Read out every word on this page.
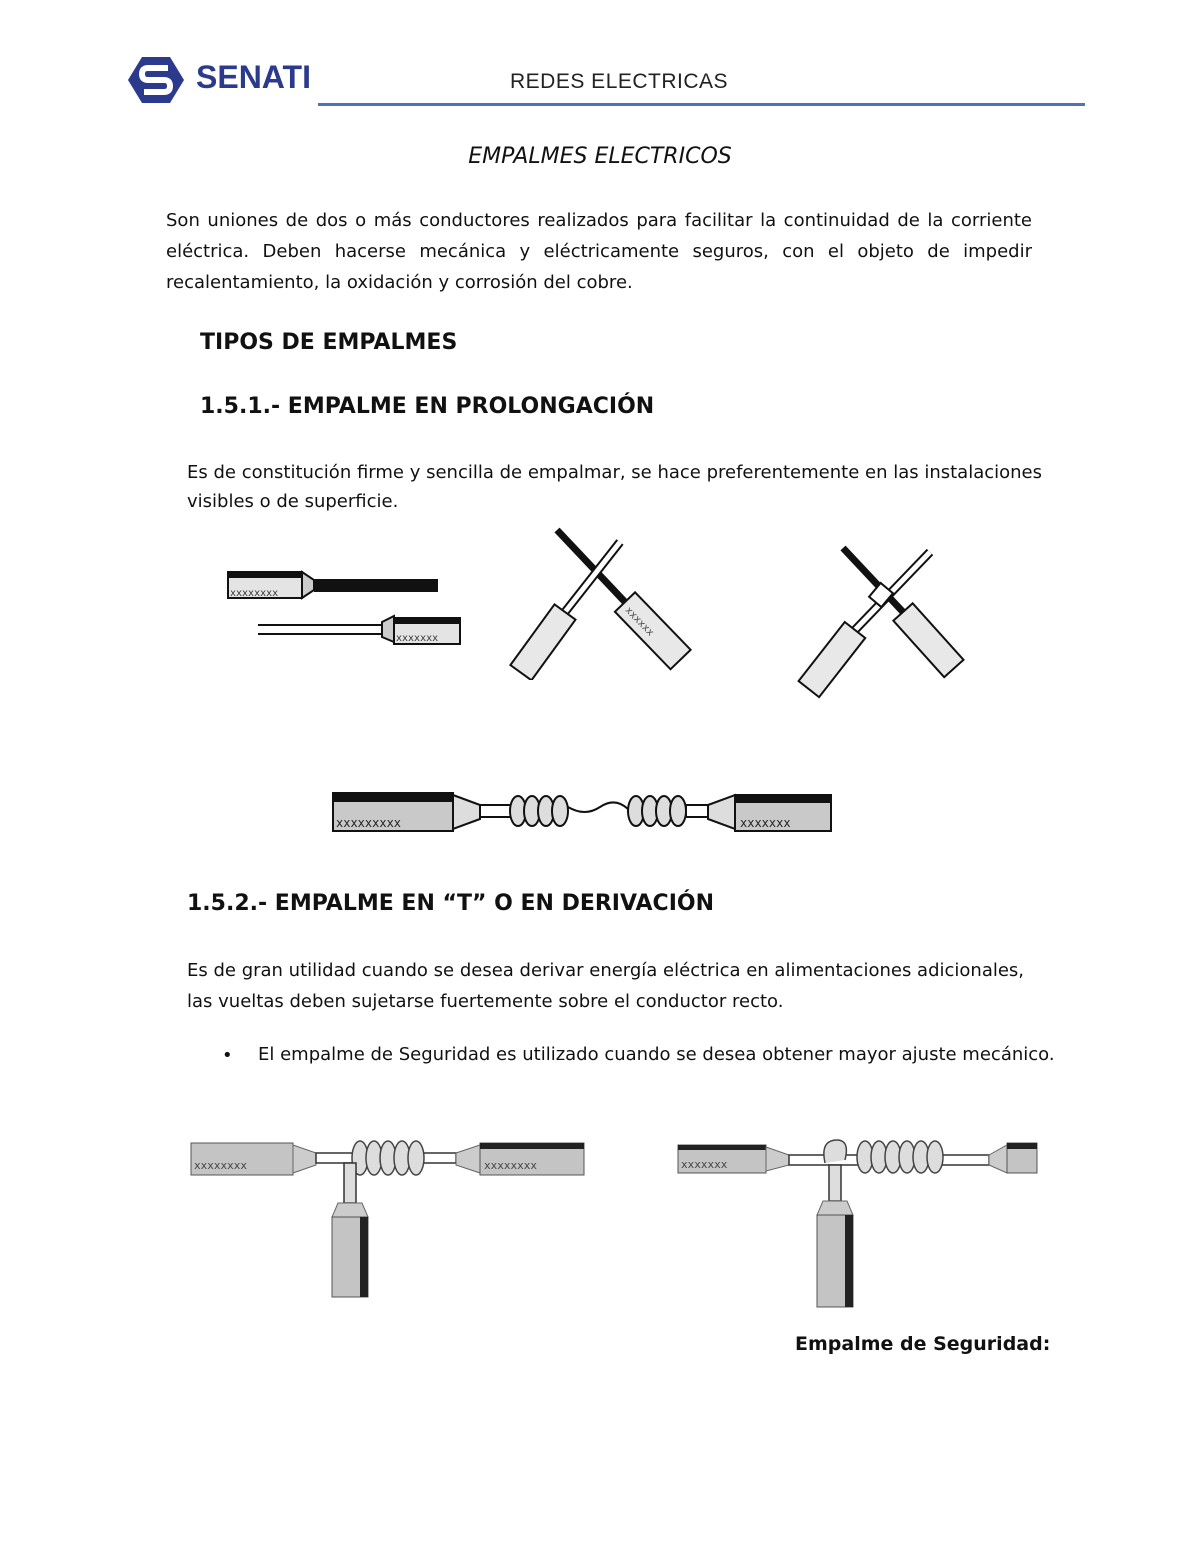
SENATI	REDES ELECTRICAS
EMPALMES ELECTRICOS
Son uniones de dos o más conductores realizados para facilitar la continuidad de la corriente eléctrica. Deben hacerse mecánica y eléctricamente seguros, con el objeto de impedir recalentamiento, la oxidación y corrosión del cobre.
TIPOS DE EMPALMES
1.5.1.- EMPALME EN PROLONGACIÓN
Es de constitución firme y sencilla de empalmar, se hace preferentemente en las instalaciones visibles o de superficie.
xxxxxxxx
xxxxxxx	xxxxxx
xxxxxxxxx	xxxxxxx
1.5.2.- EMPALME EN “T” O EN DERIVACIÓN
Es de gran utilidad cuando se desea derivar energía eléctrica en alimentaciones adicionales, las vueltas deben sujetarse fuertemente sobre el conductor recto.
• El empalme de Seguridad es utilizado cuando se desea obtener mayor ajuste mecánico.
xxxxxxxx	xxxxxxxx	xxxxxxx
Empalme de Seguridad:
